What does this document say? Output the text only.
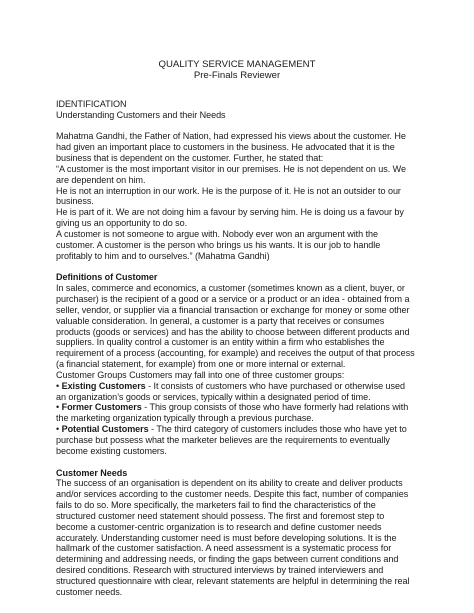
QUALITY SERVICE MANAGEMENT
Pre-Finals Reviewer

IDENTIFICATION

Understanding Customers and their Needs

Mahatma Gandhi, the Father of Nation, had expressed his views about the customer. He had given an important place to customers in the business. He advocated that it is the business that is dependent on the customer. Further, he stated that:

“A customer is the most important visitor in our premises. He is not dependent on us. We are dependent on him.

He is not an interruption in our work. He is the purpose of it. He is not an outsider to our business.

He is part of it. We are not doing him a favour by serving him. He is doing us a favour by giving us an opportunity to do so.

A customer is not someone to argue with. Nobody ever won an argument with the customer. A customer is the person who brings us his wants. It is our job to handle profitably to him and to ourselves.” (Mahatma Gandhi)

Definitions of Customer

In sales, commerce and economics, a customer (sometimes known as a client, buyer, or purchaser) is the recipient of a good or a service or a product or an idea - obtained from a seller, vendor, or supplier via a financial transaction or exchange for money or some other valuable consideration. In general, a customer is a party that receives or consumes products (goods or services) and has the ability to choose between different products and suppliers. In quality control a customer is an entity within a firm who establishes the requirement of a process (accounting, for example) and receives the output of that process (a financial statement, for example) from one or more internal or external.

Customer Groups Customers may fall into one of three customer groups:

• Existing Customers - It consists of customers who have purchased or otherwise used an organization’s goods or services, typically within a designated period of time.

• Former Customers - This group consists of those who have formerly had relations with the marketing organization typically through a previous purchase.

• Potential Customers - The third category of customers includes those who have yet to purchase but possess what the marketer believes are the requirements to eventually become existing customers.

Customer Needs

The success of an organisation is dependent on its ability to create and deliver products and/or services according to the customer needs. Despite this fact, number of companies fails to do so. More specifically, the marketers fail to find the characteristics of the structured customer need statement should possess. The first and foremost step to become a customer-centric organization is to research and define customer needs accurately. Understanding customer need is must before developing solutions. It is the hallmark of the customer satisfaction. A need assessment is a systematic process for determining and addressing needs, or finding the gaps between current conditions and desired conditions. Research with structured interviews by trained interviewers and structured questionnaire with clear, relevant statements are helpful in determining the real customer needs.
